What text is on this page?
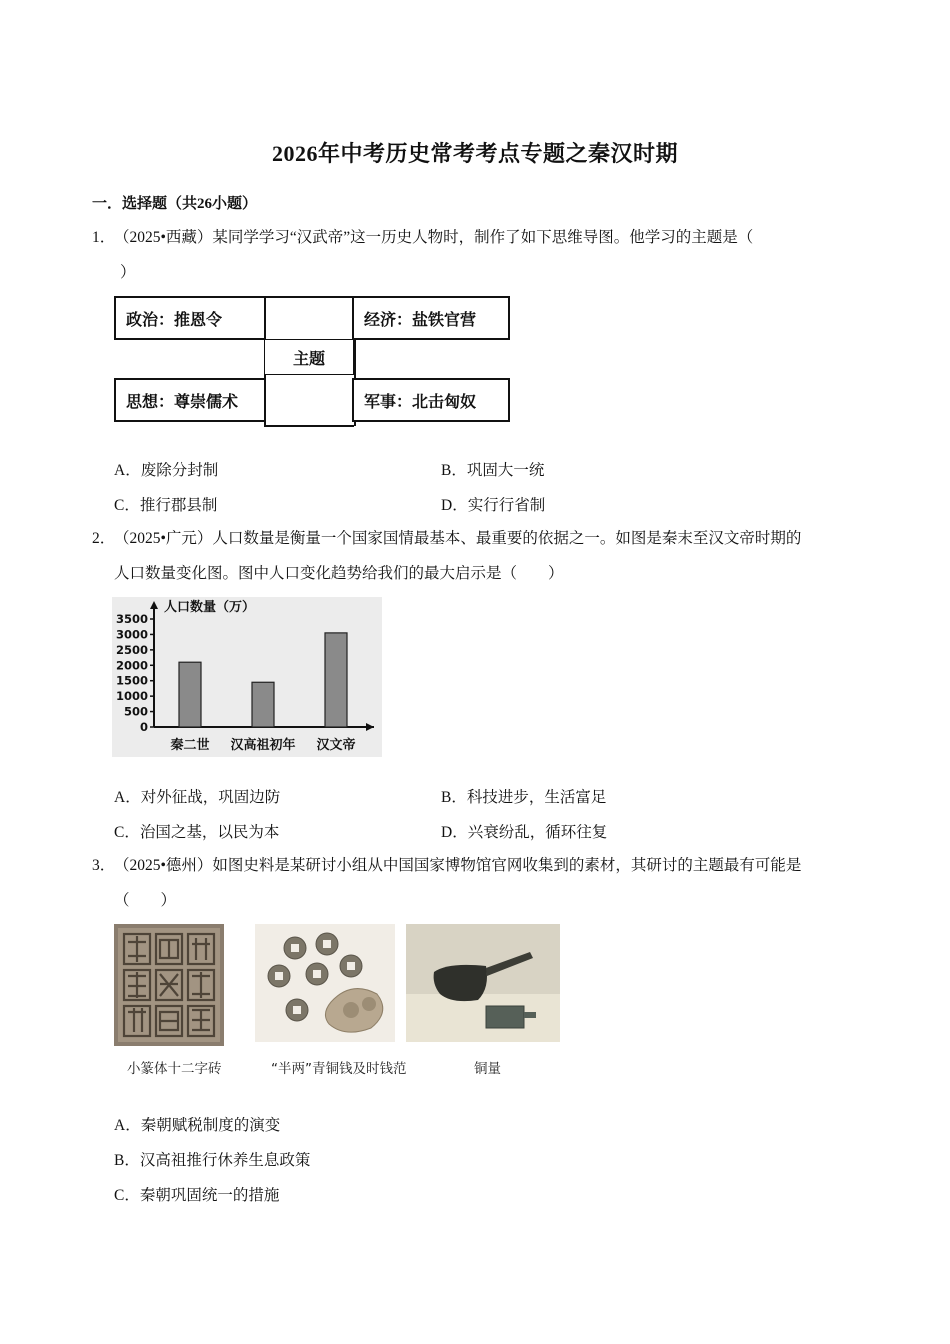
2026年中考历史常考考点专题之秦汉时期
一．选择题（共26小题）
1．（2025•西藏）某同学学习“汉武帝”这一历史人物时，制作了如下思维导图。他学习的主题是（
）
政治：推恩令	经济：盐铁官营
主题
思想：尊崇儒术	军事：北击匈奴
A．废除分封制	B．巩固大一统
C．推行郡县制	D．实行行省制
2．（2025•广元）人口数量是衡量一个国家国情最基本、最重要的依据之一。如图是秦末至汉文帝时期的
人口数量变化图。图中人口变化趋势给我们的最大启示是（　　）
人口数量（万）
3500
3000
2500
2000
1500
1000
500
0
秦二世 汉高祖初年 汉文帝
A．对外征战，巩固边防	B．科技进步，生活富足
C．治国之基，以民为本	D．兴衰纷乱，循环往复
3．（2025•德州）如图史料是某研讨小组从中国国家博物馆官网收集到的素材，其研讨的主题最有可能是
（　　）
小篆体十二字砖	“半两”青铜钱及时钱范	铜量
A．秦朝赋税制度的演变
B．汉高祖推行休养生息政策
C．秦朝巩固统一的措施
